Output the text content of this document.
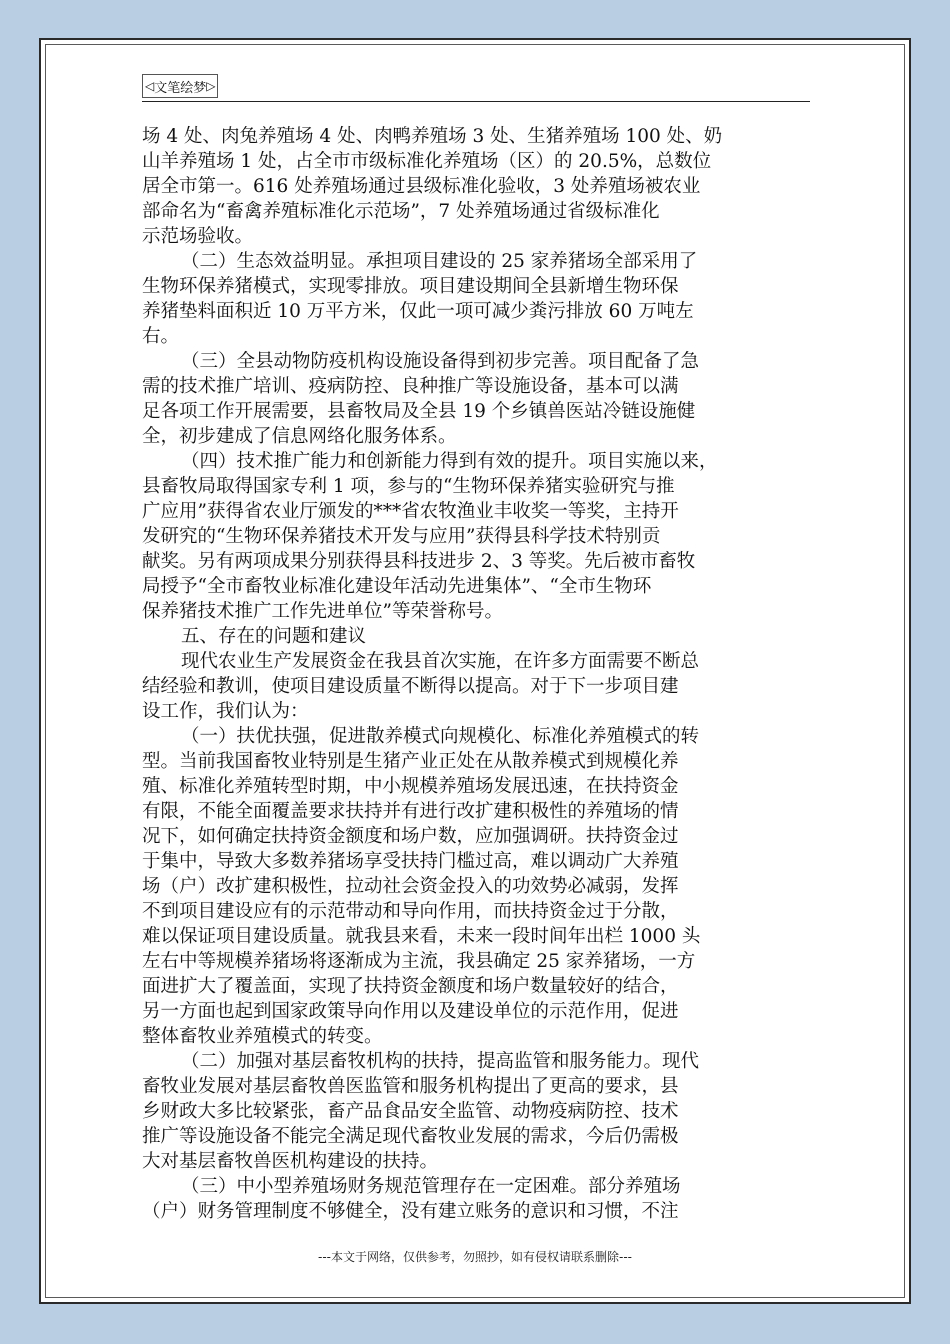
◁ 文笔绘梦 ▷
场 4 处、肉兔养殖场 4 处、肉鸭养殖场 3 处、生猪养殖场 100 处、奶
山羊养殖场 1 处，占全市市级标准化养殖场（区）的 20.5%，总数位
居全市第一。616 处养殖场通过县级标准化验收，3 处养殖场被农业
部命名为“畜禽养殖标准化示范场”，7 处养殖场通过省级标准化
示范场验收。
（二）生态效益明显。承担项目建设的 25 家养猪场全部采用了
生物环保养猪模式，实现零排放。项目建设期间全县新增生物环保
养猪垫料面积近 10 万平方米，仅此一项可减少粪污排放 60 万吨左
右。
（三）全县动物防疫机构设施设备得到初步完善。项目配备了急
需的技术推广培训、疫病防控、良种推广等设施设备，基本可以满
足各项工作开展需要，县畜牧局及全县 19 个乡镇兽医站冷链设施健
全，初步建成了信息网络化服务体系。
（四）技术推广能力和创新能力得到有效的提升。项目实施以来，
县畜牧局取得国家专利 1 项，参与的“生物环保养猪实验研究与推
广应用”获得省农业厅颁发的***省农牧渔业丰收奖一等奖，主持开
发研究的“生物环保养猪技术开发与应用”获得县科学技术特别贡
献奖。另有两项成果分别获得县科技进步 2、3 等奖。先后被市畜牧
局授予“全市畜牧业标准化建设年活动先进集体”、“全市生物环
保养猪技术推广工作先进单位”等荣誉称号。
五、存在的问题和建议
现代农业生产发展资金在我县首次实施，在许多方面需要不断总
结经验和教训，使项目建设质量不断得以提高。对于下一步项目建
设工作，我们认为：
（一）扶优扶强，促进散养模式向规模化、标准化养殖模式的转
型。当前我国畜牧业特别是生猪产业正处在从散养模式到规模化养
殖、标准化养殖转型时期，中小规模养殖场发展迅速，在扶持资金
有限，不能全面覆盖要求扶持并有进行改扩建积极性的养殖场的情
况下，如何确定扶持资金额度和场户数，应加强调研。扶持资金过
于集中，导致大多数养猪场享受扶持门槛过高，难以调动广大养殖
场（户）改扩建积极性，拉动社会资金投入的功效势必减弱，发挥
不到项目建设应有的示范带动和导向作用，而扶持资金过于分散，
难以保证项目建设质量。就我县来看，未来一段时间年出栏 1000 头
左右中等规模养猪场将逐渐成为主流，我县确定 25 家养猪场，一方
面进扩大了覆盖面，实现了扶持资金额度和场户数量较好的结合，
另一方面也起到国家政策导向作用以及建设单位的示范作用，促进
整体畜牧业养殖模式的转变。
（二）加强对基层畜牧机构的扶持，提高监管和服务能力。现代
畜牧业发展对基层畜牧兽医监管和服务机构提出了更高的要求，县
乡财政大多比较紧张，畜产品食品安全监管、动物疫病防控、技术
推广等设施设备不能完全满足现代畜牧业发展的需求，今后仍需极
大对基层畜牧兽医机构建设的扶持。
（三）中小型养殖场财务规范管理存在一定困难。部分养殖场
（户）财务管理制度不够健全，没有建立账务的意识和习惯，不注
---本文于网络，仅供参考，勿照抄，如有侵权请联系删除---
